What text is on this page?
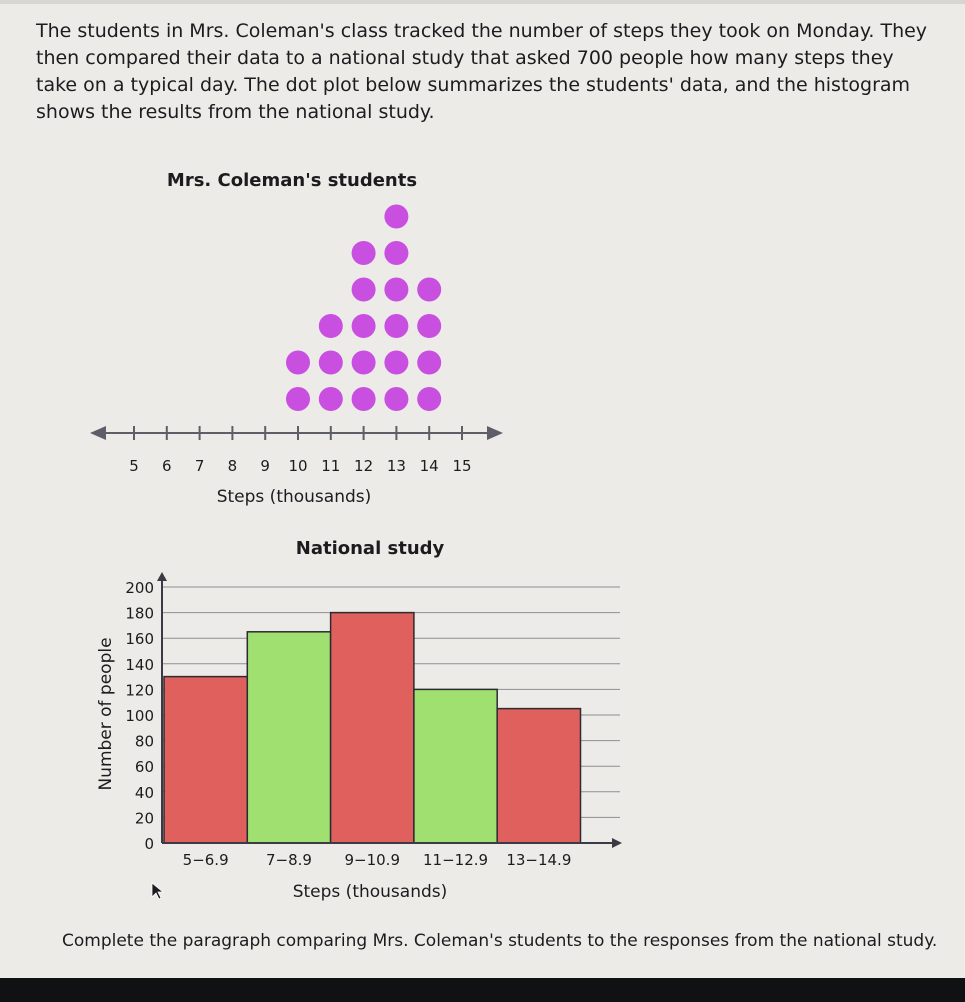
The students in Mrs. Coleman's class tracked the number of steps they took on Monday. They then compared their data to a national study that asked 700 people how many steps they take on a typical day. The dot plot below summarizes the students' data, and the histogram shows the results from the national study.

Mrs. Coleman's students
5 6 7 8 9 10 11 12 13 14 15
Steps (thousands)
National study
0
20
40
60
80
100
120
140
160
180
200
5−6.9 7−8.9 9−10.9 11−12.9 13−14.9
Number of people
Steps (thousands)

Complete the paragraph comparing Mrs. Coleman's students to the responses from the national study.
